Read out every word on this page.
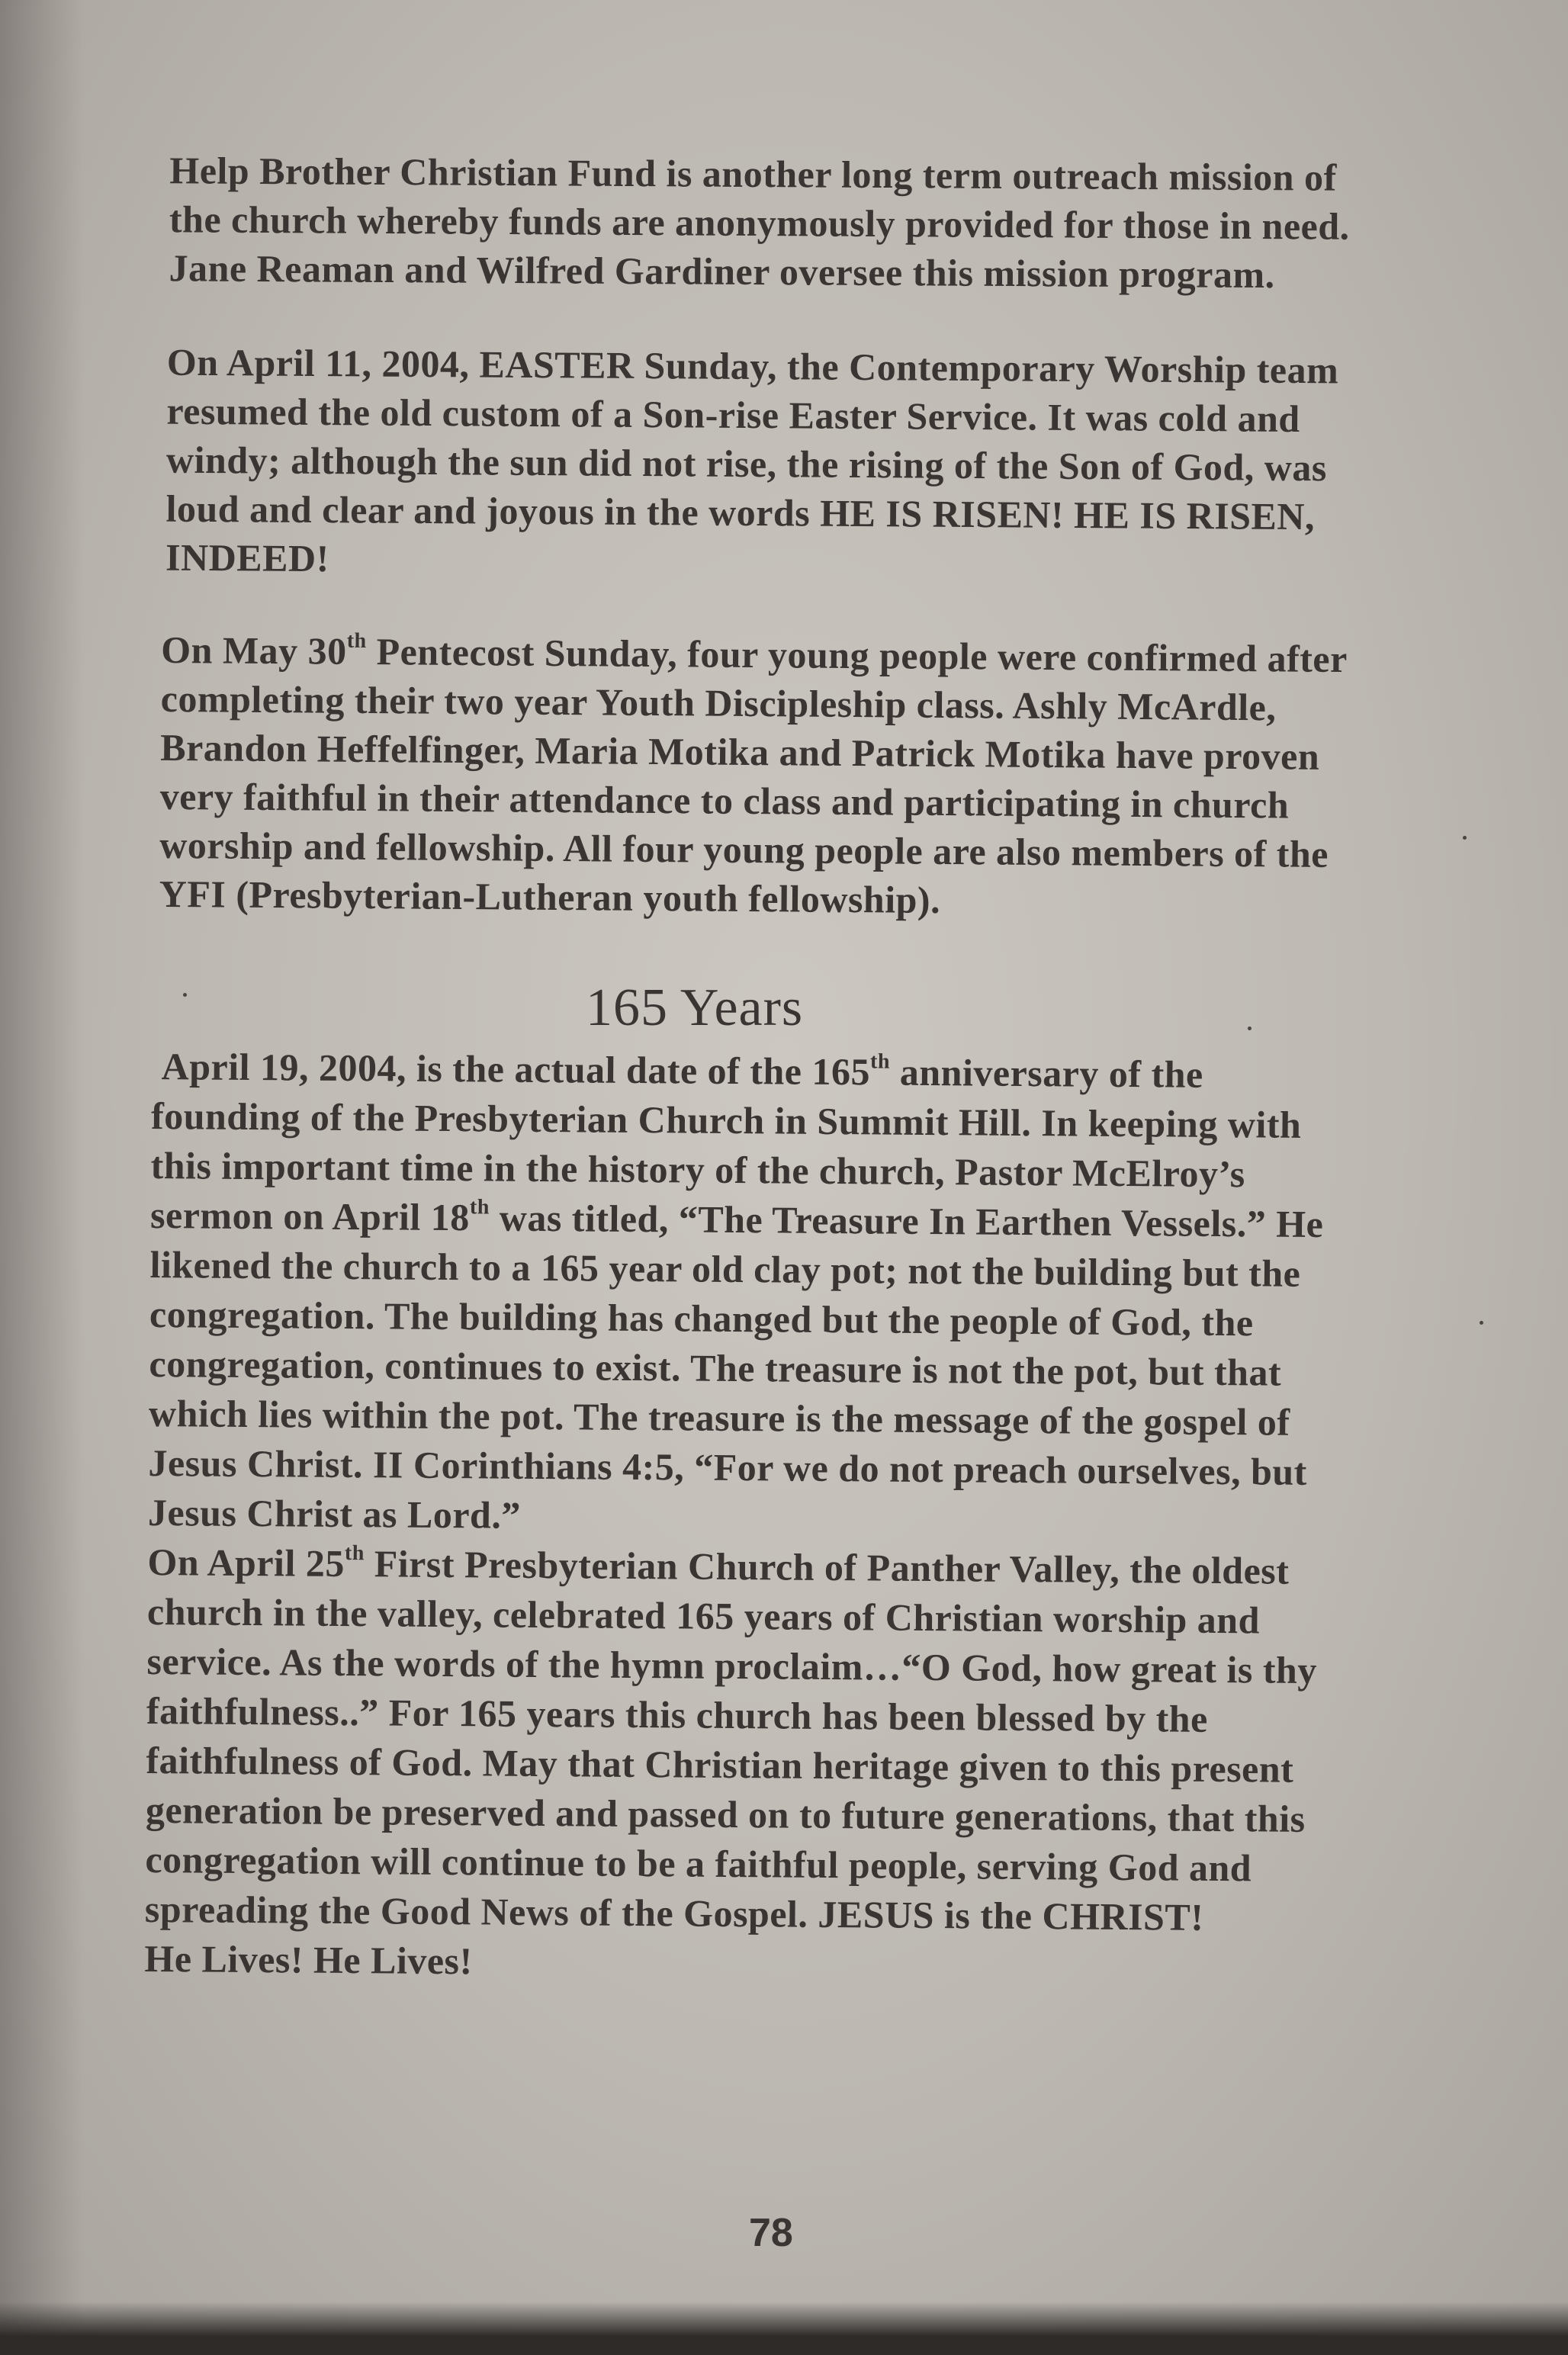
Help Brother Christian Fund is another long term outreach mission of
the church whereby funds are anonymously provided for those in need.
Jane Reaman and Wilfred Gardiner oversee this mission program.
On April 11, 2004, EASTER Sunday, the Contemporary Worship team
resumed the old custom of a Son-rise Easter Service. It was cold and
windy; although the sun did not rise, the rising of the Son of God, was
loud and clear and joyous in the words HE IS RISEN! HE IS RISEN,
INDEED!
On May 30th Pentecost Sunday, four young people were confirmed after
completing their two year Youth Discipleship class. Ashly McArdle,
Brandon Heffelfinger, Maria Motika and Patrick Motika have proven
very faithful in their attendance to class and participating in church
worship and fellowship. All four young people are also members of the
YFI (Presbyterian-Lutheran youth fellowship).
165 Years
April 19, 2004, is the actual date of the 165th anniversary of the
founding of the Presbyterian Church in Summit Hill. In keeping with
this important time in the history of the church, Pastor McElroy’s
sermon on April 18th was titled, “The Treasure In Earthen Vessels.” He
likened the church to a 165 year old clay pot; not the building but the
congregation. The building has changed but the people of God, the
congregation, continues to exist. The treasure is not the pot, but that
which lies within the pot. The treasure is the message of the gospel of
Jesus Christ. II Corinthians 4:5, “For we do not preach ourselves, but
Jesus Christ as Lord.”
On April 25th First Presbyterian Church of Panther Valley, the oldest
church in the valley, celebrated 165 years of Christian worship and
service. As the words of the hymn proclaim…“O God, how great is thy
faithfulness..” For 165 years this church has been blessed by the
faithfulness of God. May that Christian heritage given to this present
generation be preserved and passed on to future generations, that this
congregation will continue to be a faithful people, serving God and
spreading the Good News of the Gospel. JESUS is the CHRIST!
He Lives! He Lives!
78
